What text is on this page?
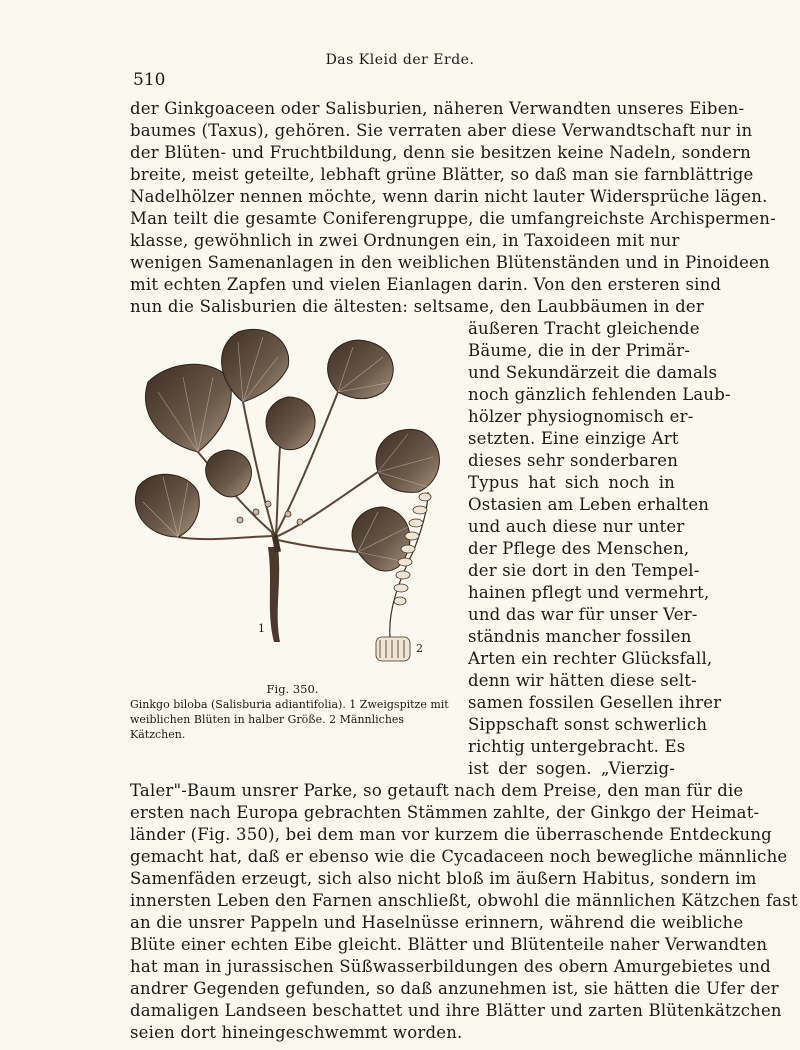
Das Kleid der Erde.
510
der Ginkgoaceen oder Salisburien, näheren Verwandten unseres Eiben-
baumes (Taxus), gehören. Sie verraten aber diese Verwandtschaft nur in
der Blüten- und Fruchtbildung, denn sie besitzen keine Nadeln, sondern
breite, meist geteilte, lebhaft grüne Blätter, so daß man sie farnblättrige
Nadelhölzer nennen möchte, wenn darin nicht lauter Widersprüche lägen.
Man teilt die gesamte Coniferengruppe, die umfangreichste Archispermen-
klasse, gewöhnlich in zwei Ordnungen ein, in Taxoideen mit nur
wenigen Samenanlagen in den weiblichen Blütenständen und in Pinoideen
mit echten Zapfen und vielen Eianlagen darin. Von den ersteren sind
nun die Salisburien die ältesten: seltsame, den Laubbäumen in der
äußeren Tracht gleichende
Bäume, die in der Primär-
und Sekundärzeit die damals
noch gänzlich fehlenden Laub-
hölzer physiognomisch er-
setzten. Eine einzige Art
dieses sehr sonderbaren
Typus hat sich noch in
Ostasien am Leben erhalten
und auch diese nur unter
der Pflege des Menschen,
der sie dort in den Tempel-
hainen pflegt und vermehrt,
und das war für unser Ver-
ständnis mancher fossilen
Arten ein rechter Glücksfall,
denn wir hätten diese selt-
samen fossilen Gesellen ihrer
Sippschaft sonst schwerlich
richtig untergebracht. Es
ist der sogen. „Vierzig-
1
2
Fig. 350.
Ginkgo biloba (Salisburia adiantifolia). 1 Zweigspitze mit
weiblichen Blüten in halber Größe. 2 Männliches Kätzchen.
Taler"-Baum unsrer Parke, so getauft nach dem Preise, den man für die
ersten nach Europa gebrachten Stämmen zahlte, der Ginkgo der Heimat-
länder (Fig. 350), bei dem man vor kurzem die überraschende Entdeckung
gemacht hat, daß er ebenso wie die Cycadaceen noch bewegliche männliche
Samenfäden erzeugt, sich also nicht bloß im äußern Habitus, sondern im
innersten Leben den Farnen anschließt, obwohl die männlichen Kätzchen fast
an die unsrer Pappeln und Haselnüsse erinnern, während die weibliche
Blüte einer echten Eibe gleicht. Blätter und Blütenteile naher Verwandten
hat man in jurassischen Süßwasserbildungen des obern Amurgebietes und
andrer Gegenden gefunden, so daß anzunehmen ist, sie hätten die Ufer der
damaligen Landseen beschattet und ihre Blätter und zarten Blütenkätzchen
seien dort hineingeschwemmt worden.
